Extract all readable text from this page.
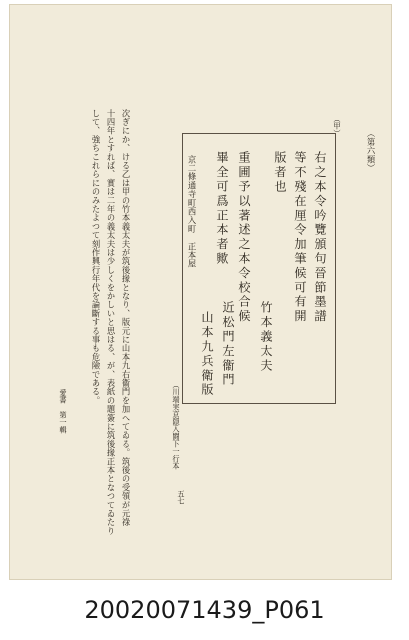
（第六類）
（甲）
右之本令吟覽頒句晉節墨譜
等不殘在厘令加筆候可有開
版者也
重圃予以著述之本令校合候
畢全可爲正本者歟
竹本義太夫
近松門左衞門
山本九兵衛版
京二條通寺町西入町　正本屋
（川端実京隠入闘下一行本
次ぎにか、ける乙は甲の竹本義太夫が筑後掾となり、版元に山本九右衞門を加へてゐる。筑後の受領が元祿
十四年とすれば、實は二年の義太夫は少しくをかしいと思はる、が、表紙の題簽に筑後掾正本となつてゐたり
して、強ちこれらにのみたよつて刻作興行年代を論斷する事も危險である。
愛書　第一輯
五七
20020071439_P061
